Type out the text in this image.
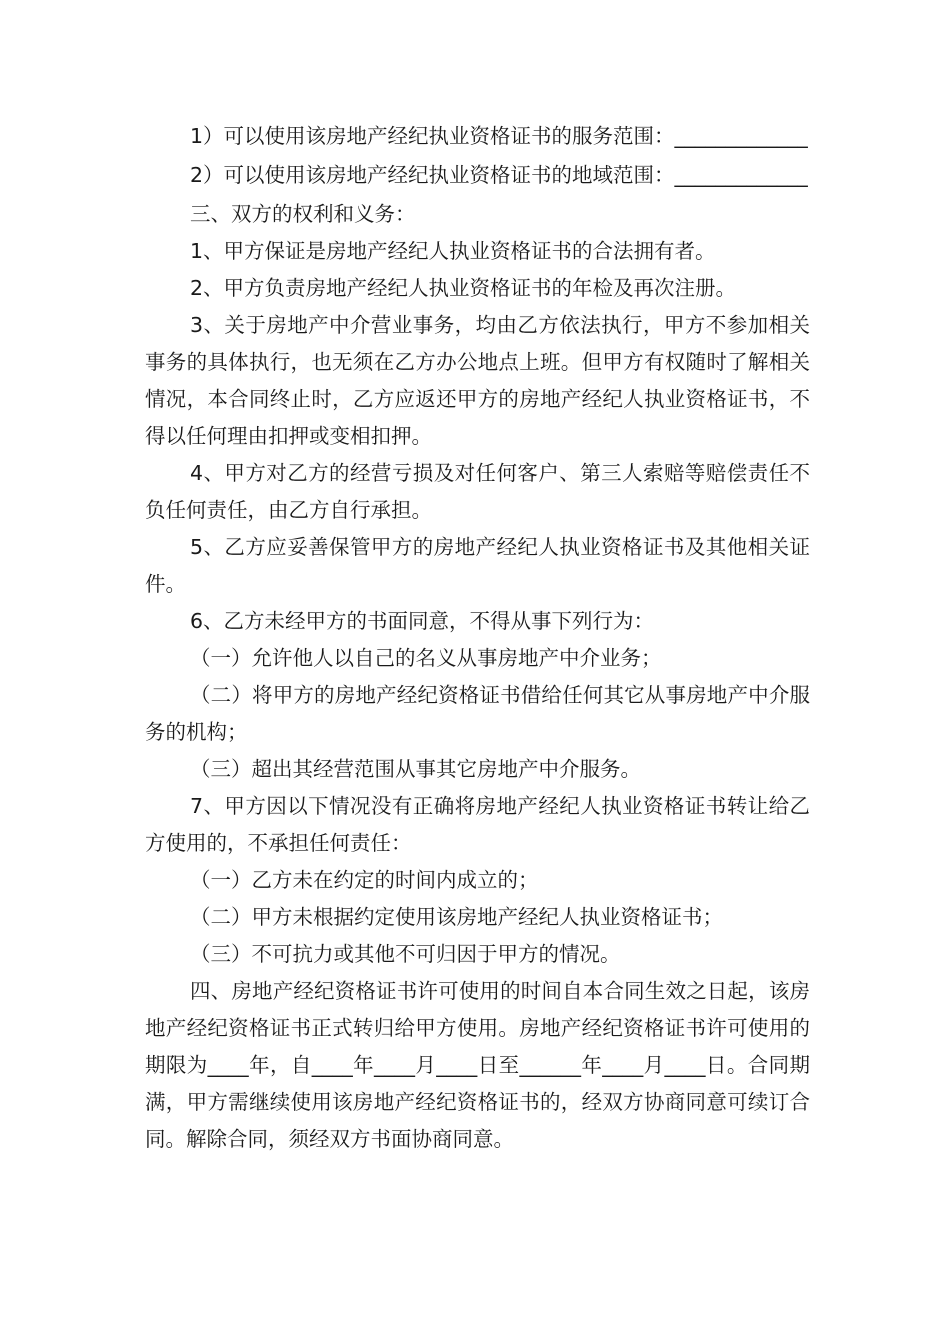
1）可以使用该房地产经纪执业资格证书的服务范围：_____________

2）可以使用该房地产经纪执业资格证书的地域范围：_____________

三、双方的权利和义务：

1、甲方保证是房地产经纪人执业资格证书的合法拥有者。

2、甲方负责房地产经纪人执业资格证书的年检及再次注册。

3、关于房地产中介营业事务，均由乙方依法执行，甲方不参加相关事务的具体执行，也无须在乙方办公地点上班。但甲方有权随时了解相关情况，本合同终止时，乙方应返还甲方的房地产经纪人执业资格证书，不得以任何理由扣押或变相扣押。

4、甲方对乙方的经营亏损及对任何客户、第三人索赔等赔偿责任不负任何责任，由乙方自行承担。

5、乙方应妥善保管甲方的房地产经纪人执业资格证书及其他相关证件。

6、乙方未经甲方的书面同意，不得从事下列行为：

（一）允许他人以自己的名义从事房地产中介业务；

（二）将甲方的房地产经纪资格证书借给任何其它从事房地产中介服务的机构；

（三）超出其经营范围从事其它房地产中介服务。

7、甲方因以下情况没有正确将房地产经纪人执业资格证书转让给乙方使用的，不承担任何责任：

（一）乙方未在约定的时间内成立的；

（二）甲方未根据约定使用该房地产经纪人执业资格证书；

（三）不可抗力或其他不可归因于甲方的情况。

四、房地产经纪资格证书许可使用的时间自本合同生效之日起，该房地产经纪资格证书正式转归给甲方使用。房地产经纪资格证书许可使用的期限为____年，自____年____月____日至______年____月____日。合同期满，甲方需继续使用该房地产经纪资格证书的，经双方协商同意可续订合同。解除合同，须经双方书面协商同意。
